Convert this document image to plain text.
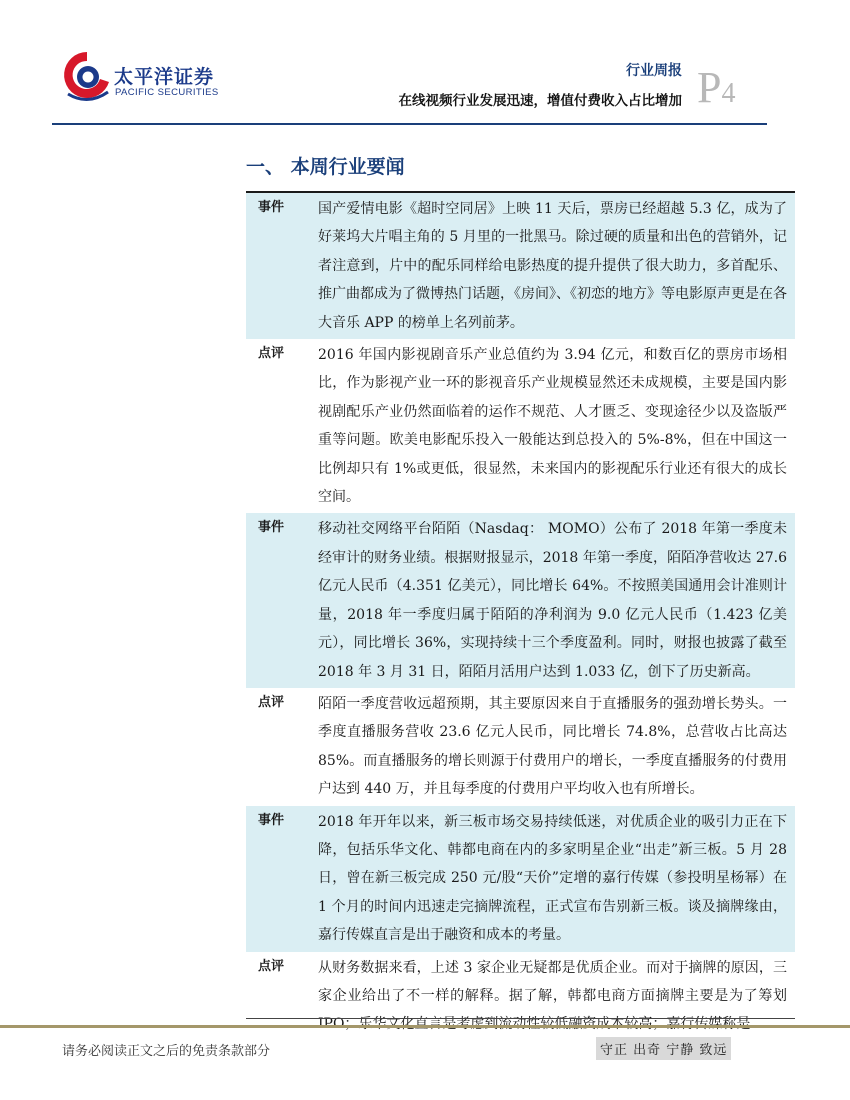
太平洋证券
PACIFIC SECURITIES
行业周报
在线视频行业发展迅速，增值付费收入占比增加 P4
一、 本周行业要闻
事件	国产爱情电影《超时空同居》上映 11 天后，票房已经超越 5.3 亿，成为了好莱坞大片唱主角的 5 月里的一批黑马。除过硬的质量和出色的营销外，记者注意到，片中的配乐同样给电影热度的提升提供了很大助力，多首配乐、推广曲都成为了微博热门话题，《房间》、《初恋的地方》等电影原声更是在各大音乐 APP 的榜单上名列前茅。
点评	2016 年国内影视剧音乐产业总值约为 3.94 亿元，和数百亿的票房市场相比，作为影视产业一环的影视音乐产业规模显然还未成规模，主要是国内影视剧配乐产业仍然面临着的运作不规范、人才匮乏、变现途径少以及盗版严重等问题。欧美电影配乐投入一般能达到总投入的 5%-8%，但在中国这一比例却只有 1%或更低，很显然，未来国内的影视配乐行业还有很大的成长空间。
事件	移动社交网络平台陌陌（Nasdaq： MOMO）公布了 2018 年第一季度未经审计的财务业绩。根据财报显示，2018 年第一季度，陌陌净营收达 27.6 亿元人民币（4.351 亿美元），同比增长 64%。不按照美国通用会计准则计量，2018 年一季度归属于陌陌的净利润为 9.0 亿元人民币（1.423 亿美元），同比增长 36%，实现持续十三个季度盈利。同时，财报也披露了截至 2018 年 3 月 31 日，陌陌月活用户达到 1.033 亿，创下了历史新高。
点评	陌陌一季度营收远超预期，其主要原因来自于直播服务的强劲增长势头。一季度直播服务营收 23.6 亿元人民币，同比增长 74.8%，总营收占比高达 85%。而直播服务的增长则源于付费用户的增长，一季度直播服务的付费用户达到 440 万，并且每季度的付费用户平均收入也有所增长。
事件	2018 年开年以来，新三板市场交易持续低迷，对优质企业的吸引力正在下降，包括乐华文化、韩都电商在内的多家明星企业“出走”新三板。5 月 28 日，曾在新三板完成 250 元/股“天价”定增的嘉行传媒（参投明星杨幂）在 1 个月的时间内迅速走完摘牌流程，正式宣布告别新三板。谈及摘牌缘由，嘉行传媒直言是出于融资和成本的考量。
点评	从财务数据来看，上述 3 家企业无疑都是优质企业。而对于摘牌的原因，三家企业给出了不一样的解释。据了解，韩都电商方面摘牌主要是为了筹划
请务必阅读正文之后的免责条款部分	守正 出奇 宁静 致远
